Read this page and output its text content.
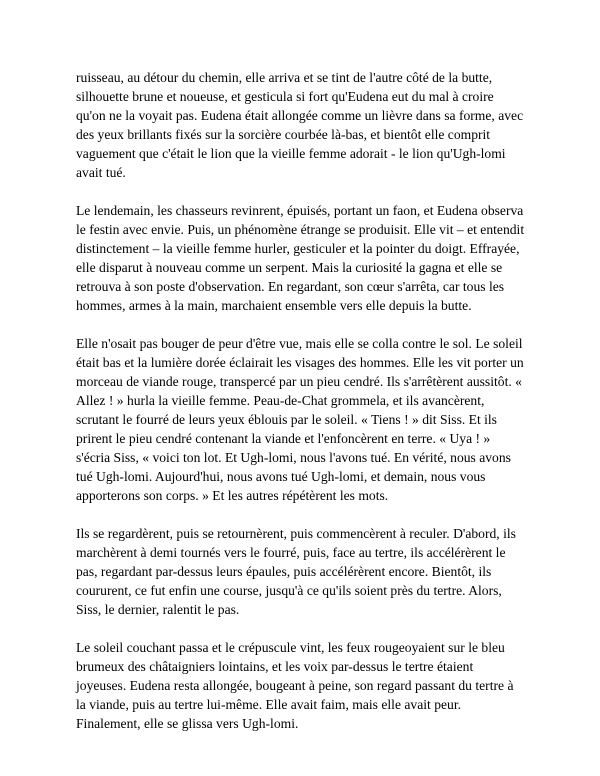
ruisseau, au détour du chemin, elle arriva et se tint de l'autre côté de la butte, silhouette brune et noueuse, et gesticula si fort qu'Eudena eut du mal à croire qu'on ne la voyait pas. Eudena était allongée comme un lièvre dans sa forme, avec des yeux brillants fixés sur la sorcière courbée là-bas, et bientôt elle comprit vaguement que c'était le lion que la vieille femme adorait - le lion qu'Ugh-lomi avait tué.

Le lendemain, les chasseurs revinrent, épuisés, portant un faon, et Eudena observa le festin avec envie. Puis, un phénomène étrange se produisit. Elle vit – et entendit distinctement – la vieille femme hurler, gesticuler et la pointer du doigt. Effrayée, elle disparut à nouveau comme un serpent. Mais la curiosité la gagna et elle se retrouva à son poste d'observation. En regardant, son cœur s'arrêta, car tous les hommes, armes à la main, marchaient ensemble vers elle depuis la butte.

Elle n'osait pas bouger de peur d'être vue, mais elle se colla contre le sol. Le soleil était bas et la lumière dorée éclairait les visages des hommes. Elle les vit porter un morceau de viande rouge, transpercé par un pieu cendré. Ils s'arrêtèrent aussitôt. « Allez ! » hurla la vieille femme. Peau-de-Chat grommela, et ils avancèrent, scrutant le fourré de leurs yeux éblouis par le soleil. « Tiens ! » dit Siss. Et ils prirent le pieu cendré contenant la viande et l'enfoncèrent en terre. « Uya ! » s'écria Siss, « voici ton lot. Et Ugh-lomi, nous l'avons tué. En vérité, nous avons tué Ugh-lomi. Aujourd'hui, nous avons tué Ugh-lomi, et demain, nous vous apporterons son corps. » Et les autres répétèrent les mots.

Ils se regardèrent, puis se retournèrent, puis commencèrent à reculer. D'abord, ils marchèrent à demi tournés vers le fourré, puis, face au tertre, ils accélérèrent le pas, regardant par-dessus leurs épaules, puis accélérèrent encore. Bientôt, ils coururent, ce fut enfin une course, jusqu'à ce qu'ils soient près du tertre. Alors, Siss, le dernier, ralentit le pas.

Le soleil couchant passa et le crépuscule vint, les feux rougeoyaient sur le bleu brumeux des châtaigniers lointains, et les voix par-dessus le tertre étaient joyeuses. Eudena resta allongée, bougeant à peine, son regard passant du tertre à la viande, puis au tertre lui-même. Elle avait faim, mais elle avait peur. Finalement, elle se glissa vers Ugh-lomi.
